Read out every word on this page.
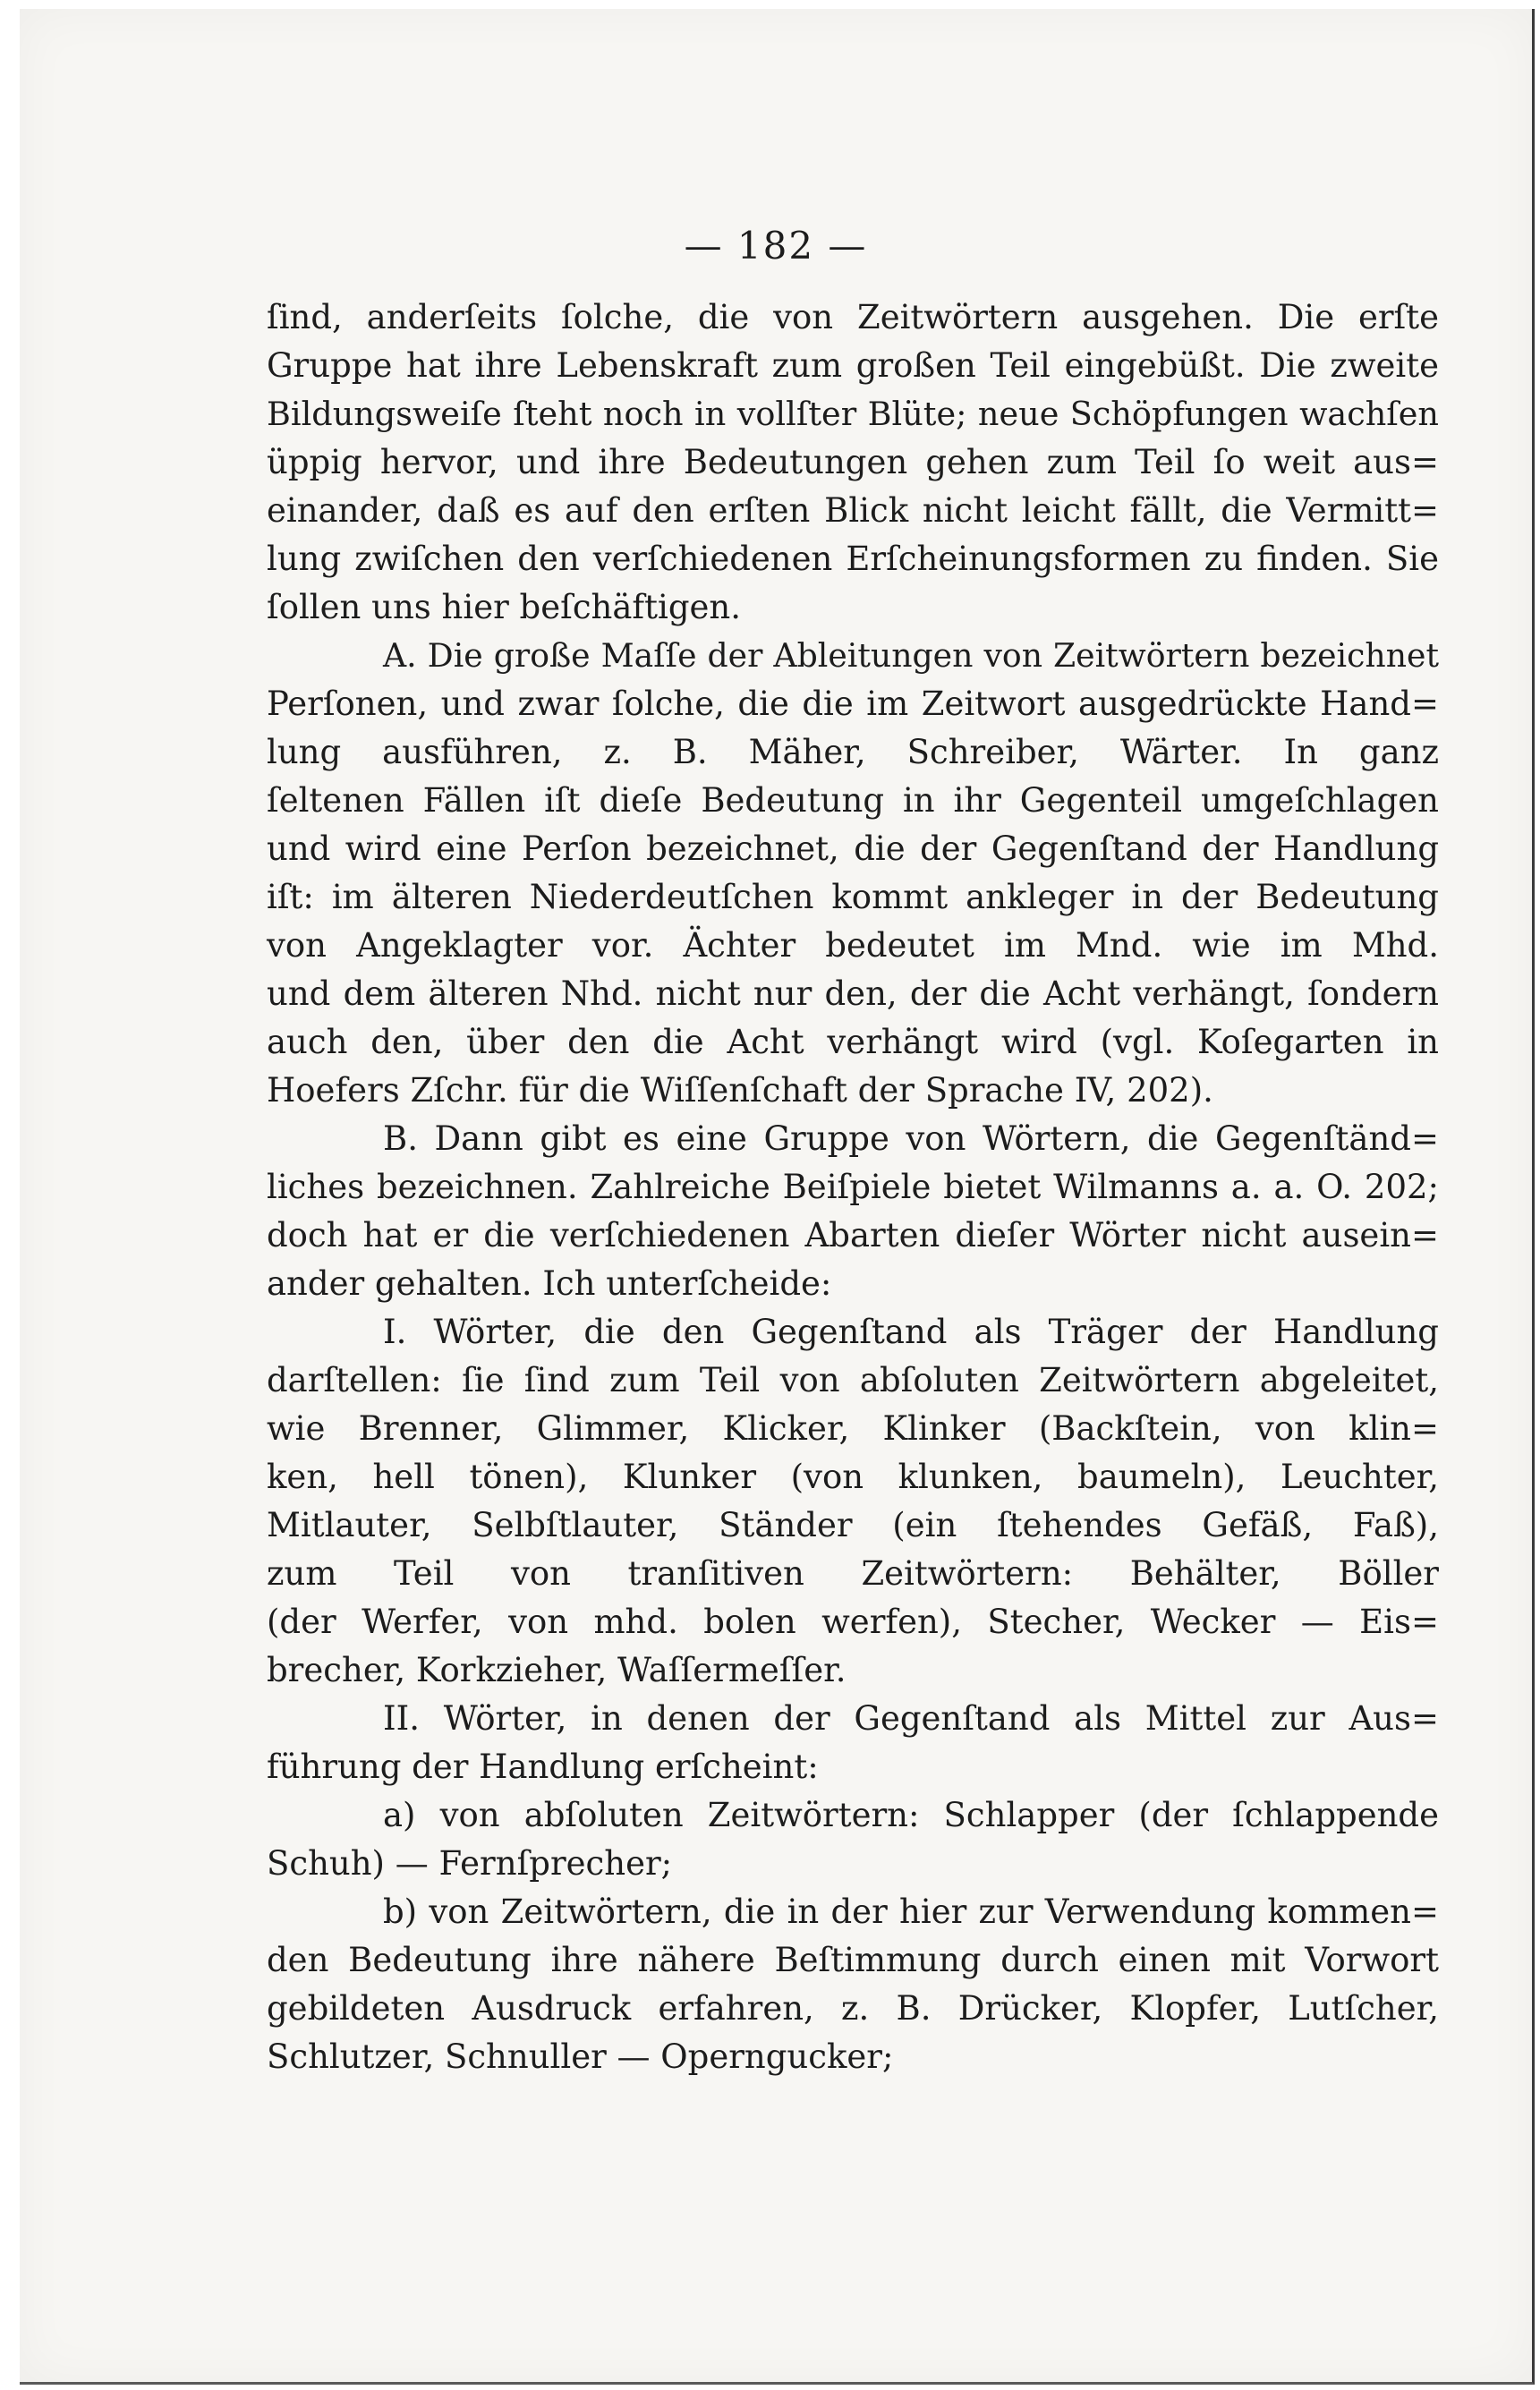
— 182 —
ſind, anderſeits ſolche, die von Zeitwörtern ausgehen. Die erſte
Gruppe hat ihre Lebenskraft zum großen Teil eingebüßt. Die zweite
Bildungsweiſe ſteht noch in vollſter Blüte; neue Schöpfungen wachſen
üppig hervor, und ihre Bedeutungen gehen zum Teil ſo weit aus=
einander, daß es auf den erſten Blick nicht leicht fällt, die Vermitt=
lung zwiſchen den verſchiedenen Erſcheinungsformen zu finden. Sie
ſollen uns hier beſchäftigen.
A. Die große Maſſe der Ableitungen von Zeitwörtern bezeichnet
Perſonen, und zwar ſolche, die die im Zeitwort ausgedrückte Hand=
lung ausführen, z. B. Mäher, Schreiber, Wärter. In ganz
ſeltenen Fällen iſt dieſe Bedeutung in ihr Gegenteil umgeſchlagen
und wird eine Perſon bezeichnet, die der Gegenſtand der Handlung
iſt: im älteren Niederdeutſchen kommt ankleger in der Bedeutung
von Angeklagter vor. Ächter bedeutet im Mnd. wie im Mhd.
und dem älteren Nhd. nicht nur den, der die Acht verhängt, ſondern
auch den, über den die Acht verhängt wird (vgl. Koſegarten in
Hoefers Zſchr. für die Wiſſenſchaft der Sprache IV, 202).
B. Dann gibt es eine Gruppe von Wörtern, die Gegenſtänd=
liches bezeichnen. Zahlreiche Beiſpiele bietet Wilmanns a. a. O. 202;
doch hat er die verſchiedenen Abarten dieſer Wörter nicht ausein=
ander gehalten. Ich unterſcheide:
I. Wörter, die den Gegenſtand als Träger der Handlung
darſtellen: ſie ſind zum Teil von abſoluten Zeitwörtern abgeleitet,
wie Brenner, Glimmer, Klicker, Klinker (Backſtein, von klin=
ken, hell tönen), Klunker (von klunken, baumeln), Leuchter,
Mitlauter, Selbſtlauter, Ständer (ein ſtehendes Gefäß, Faß),
zum Teil von tranſitiven Zeitwörtern: Behälter, Böller
(der Werfer, von mhd. bolen werfen), Stecher, Wecker — Eis=
brecher, Korkzieher, Waſſermeſſer.
II. Wörter, in denen der Gegenſtand als Mittel zur Aus=
führung der Handlung erſcheint:
a) von abſoluten Zeitwörtern: Schlapper (der ſchlappende
Schuh) — Fernſprecher;
b) von Zeitwörtern, die in der hier zur Verwendung kommen=
den Bedeutung ihre nähere Beſtimmung durch einen mit Vorwort
gebildeten Ausdruck erfahren, z. B. Drücker, Klopfer, Lutſcher,
Schlutzer, Schnuller — Operngucker;
